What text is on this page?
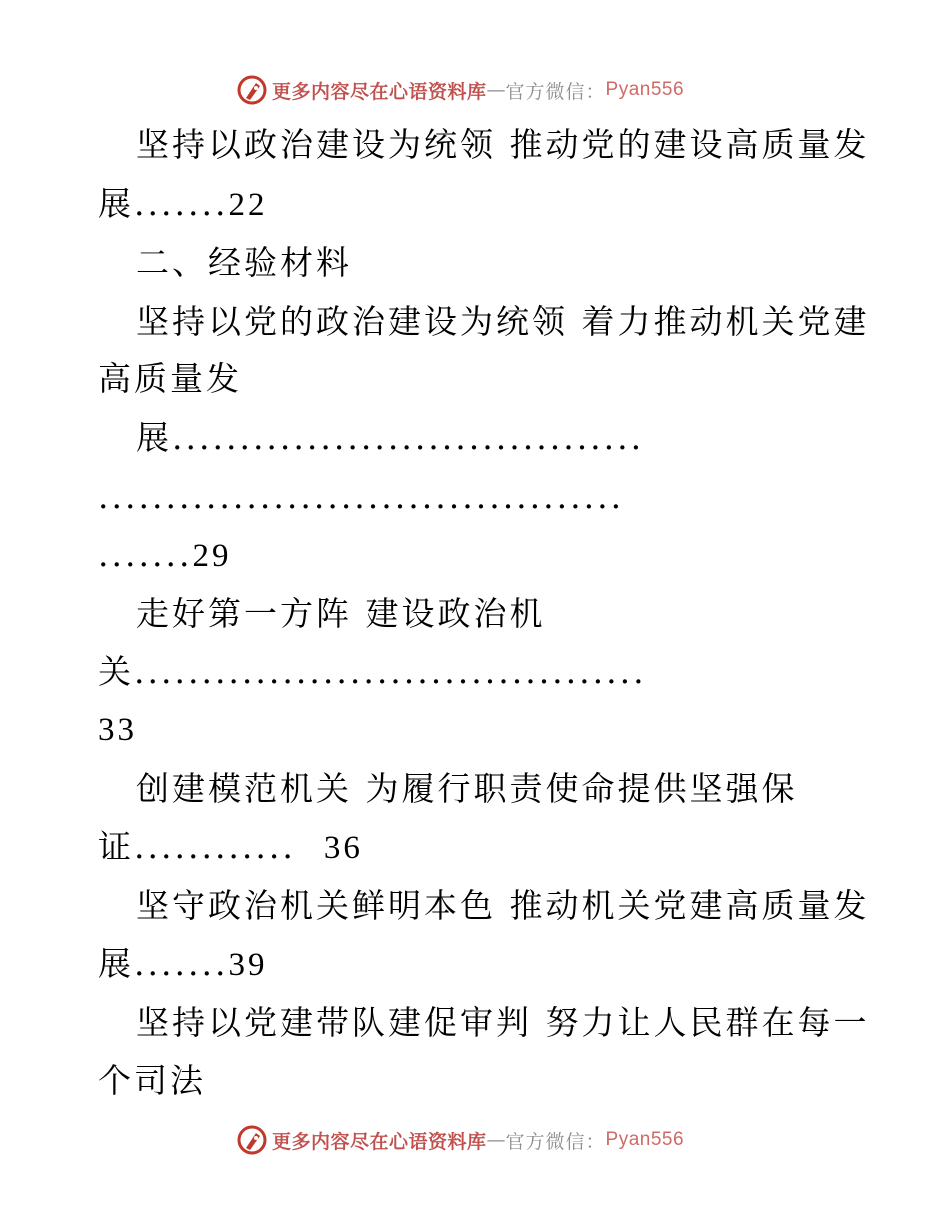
更多内容尽在心语资料库 — 官方微信： Pyan556

坚持以政治建设为统领 推动党的建设高质量发

展.......22

二、经验材料

坚持以党的政治建设为统领 着力推动机关党建

高质量发

展...................................

.......................................

.......29

走好第一方阵 建设政治机

关......................................

33

创建模范机关 为履行职责使命提供坚强保

证............ 36

坚守政治机关鲜明本色 推动机关党建高质量发

展.......39

坚持以党建带队建促审判 努力让人民群在每一

个司法

更多内容尽在心语资料库 — 官方微信： Pyan556
